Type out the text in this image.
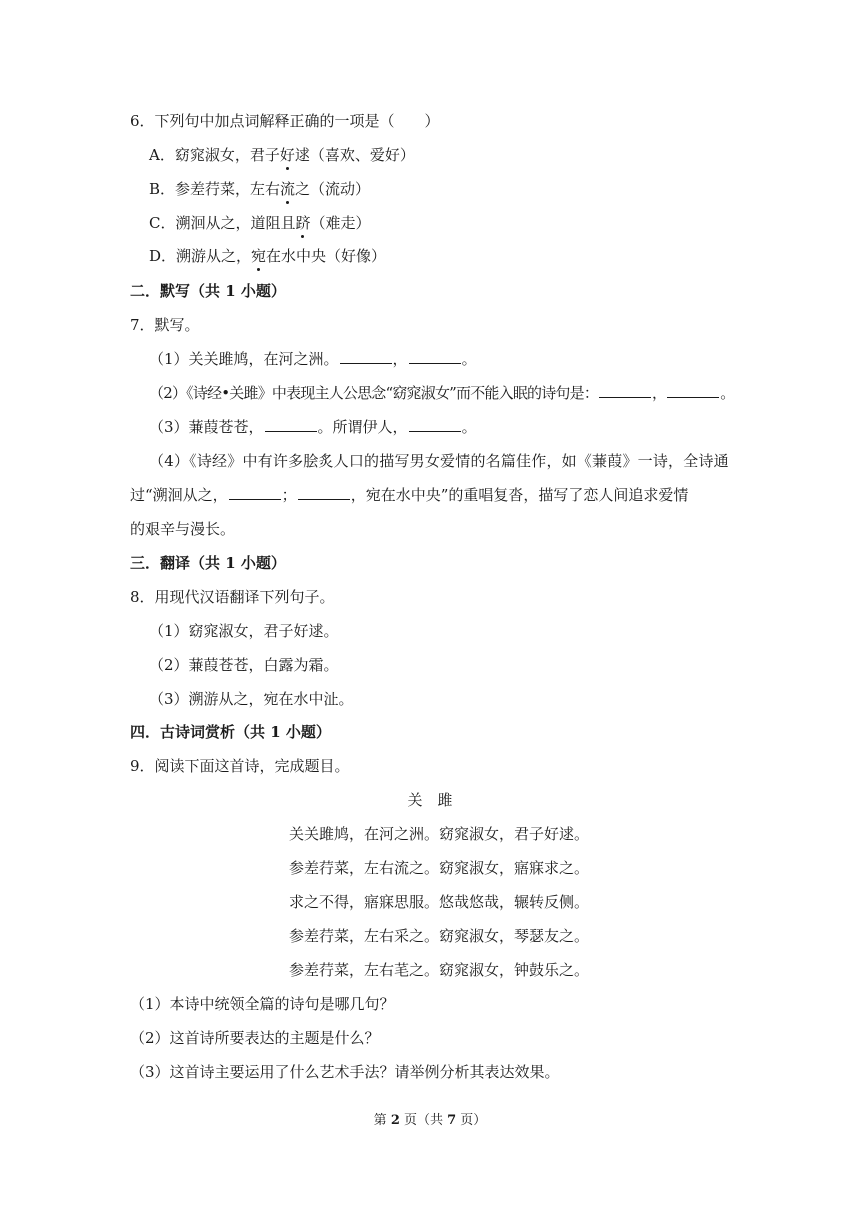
6．下列句中加点词解释正确的一项是（　　）
A．窈窕淑女，君子好逑（喜欢、爱好）
B．参差荇菜，左右流之（流动）
C．溯洄从之，道阻且跻（难走）
D．溯游从之，宛在水中央（好像）
二．默写（共 1 小题）
7．默写。
（1）关关雎鸠，在河之洲。	，	。
（2）《诗经•关雎》中表现主人公思念“窈窕淑女”而不能入眠的诗句是：	，	。
（3）蒹葭苍苍，	。所谓伊人，	。
（4）《诗经》中有许多脍炙人口的描写男女爱情的名篇佳作，如《蒹葭》一诗，全诗通
过“溯洄从之，	；	，宛在水中央”的重唱复沓，描写了恋人间追求爱情
的艰辛与漫长。
三．翻译（共 1 小题）
8．用现代汉语翻译下列句子。
（1）窈窕淑女，君子好逑。
（2）蒹葭苍苍，白露为霜。
（3）溯游从之，宛在水中沚。
四．古诗词赏析（共 1 小题）
9．阅读下面这首诗，完成题目。
关　雎
关关雎鸠，在河之洲。窈窕淑女，君子好逑。
参差荇菜，左右流之。窈窕淑女，寤寐求之。
求之不得，寤寐思服。悠哉悠哉，辗转反侧。
参差荇菜，左右采之。窈窕淑女，琴瑟友之。
参差荇菜，左右芼之。窈窕淑女，钟鼓乐之。
（1）本诗中统领全篇的诗句是哪几句？
（2）这首诗所要表达的主题是什么？
（3）这首诗主要运用了什么艺术手法？请举例分析其表达效果。
第 2 页（共 7 页）
